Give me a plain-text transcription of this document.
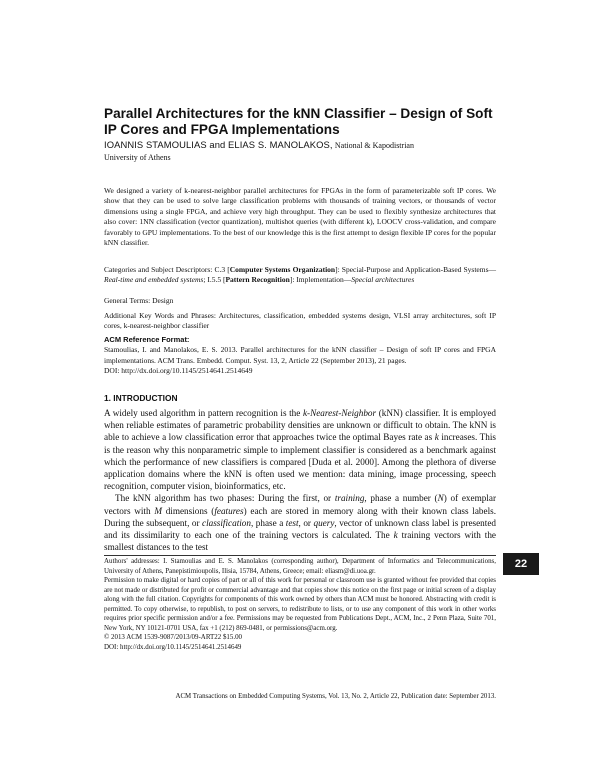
Parallel Architectures for the kNN Classifier – Design of Soft IP Cores and FPGA Implementations
IOANNIS STAMOULIAS and ELIAS S. MANOLAKOS, National & Kapodistrian
University of Athens
We designed a variety of k-nearest-neighbor parallel architectures for FPGAs in the form of parameterizable soft IP cores. We show that they can be used to solve large classification problems with thousands of training vectors, or thousands of vector dimensions using a single FPGA, and achieve very high throughput. They can be used to flexibly synthesize architectures that also cover: 1NN classification (vector quantization), multishot queries (with different k), LOOCV cross-validation, and compare favorably to GPU implementations. To the best of our knowledge this is the first attempt to design flexible IP cores for the popular kNN classifier.
Categories and Subject Descriptors: C.3 [Computer Systems Organization]: Special-Purpose and Application-Based Systems—Real-time and embedded systems; I.5.5 [Pattern Recognition]: Implementation—Special architectures
General Terms: Design
Additional Key Words and Phrases: Architectures, classification, embedded systems design, VLSI array architectures, soft IP cores, k-nearest-neighbor classifier
ACM Reference Format:
Stamoulias, I. and Manolakos, E. S. 2013. Parallel architectures for the kNN classifier – Design of soft IP cores and FPGA implementations. ACM Trans. Embedd. Comput. Syst. 13, 2, Article 22 (September 2013), 21 pages.
DOI: http://dx.doi.org/10.1145/2514641.2514649
1. INTRODUCTION

A widely used algorithm in pattern recognition is the k-Nearest-Neighbor (kNN) classifier. It is employed when reliable estimates of parametric probability densities are unknown or difficult to obtain. The kNN is able to achieve a low classification error that approaches twice the optimal Bayes rate as k increases. This is the reason why this nonparametric simple to implement classifier is considered as a benchmark against which the performance of new classifiers is compared [Duda et al. 2000]. Among the plethora of diverse application domains where the kNN is often used we mention: data mining, image processing, speech recognition, computer vision, bioinformatics, etc.

The kNN algorithm has two phases: During the first, or training, phase a number (N) of exemplar vectors with M dimensions (features) each are stored in memory along with their known class labels. During the subsequent, or classification, phase a test, or query, vector of unknown class label is presented and its dissimilarity to each one of the training vectors is calculated. The k training vectors with the smallest distances to the test

Authors' addresses: I. Stamoulias and E. S. Manolakos (corresponding author), Department of Informatics and Telecommunications, University of Athens, Panepistimioupolis, Ilisia, 15784, Athens, Greece; email: eliasm@di.uoa.gr.

Permission to make digital or hard copies of part or all of this work for personal or classroom use is granted without fee provided that copies are not made or distributed for profit or commercial advantage and that copies show this notice on the first page or initial screen of a display along with the full citation. Copyrights for components of this work owned by others than ACM must be honored. Abstracting with credit is permitted. To copy otherwise, to republish, to post on servers, to redistribute to lists, or to use any component of this work in other works requires prior specific permission and/or a fee. Permissions may be requested from Publications Dept., ACM, Inc., 2 Penn Plaza, Suite 701, New York, NY 10121-0701 USA, fax +1 (212) 869-0481, or permissions@acm.org.

© 2013 ACM 1539-9087/2013/09-ART22 $15.00

DOI: http://dx.doi.org/10.1145/2514641.2514649

22
ACM Transactions on Embedded Computing Systems, Vol. 13, No. 2, Article 22, Publication date: September 2013.
